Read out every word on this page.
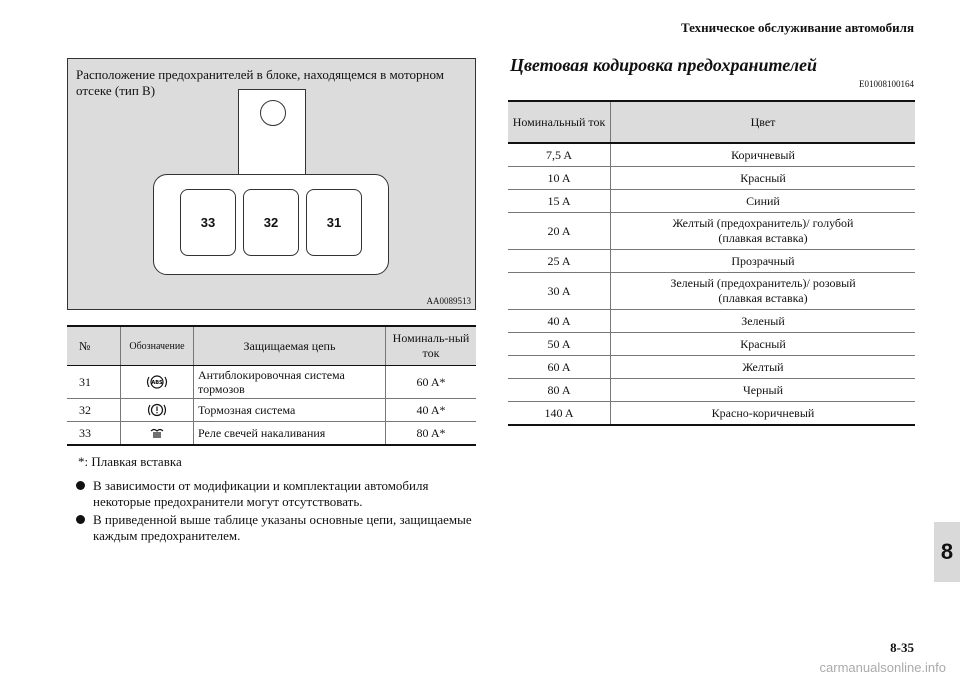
Техническое обслуживание автомобиля
Расположение предохранителей в блоке, находящемся в моторном отсеке (тип B)
33	32	31
AA0089513
№	Обозначение	Защищаемая цепь	Номиналь-ный ток
31	ABS	Антиблокировочная система тормозов	60 A*
32		Тормозная система	40 A*
33		Реле свечей накаливания	80 A*
*: Плавкая вставка
В зависимости от модификации и комплектации автомобиля некоторые предохранители могут отсутствовать.
В приведенной выше таблице указаны основные цепи, защищаемые каждым предохранителем.
Цветовая кодировка предохранителей
E01008100164
Номинальный ток	Цвет
7,5 A	Коричневый
10 A	Красный
15 A	Синий
20 A	Желтый (предохранитель)/ голубой (плавкая вставка)
25 A	Прозрачный
30 A	Зеленый (предохранитель)/ розовый (плавкая вставка)
40 A	Зеленый
50 A	Красный
60 A	Желтый
80 A	Черный
140 A	Красно-коричневый
8
8-35
carmanualsonline.info
